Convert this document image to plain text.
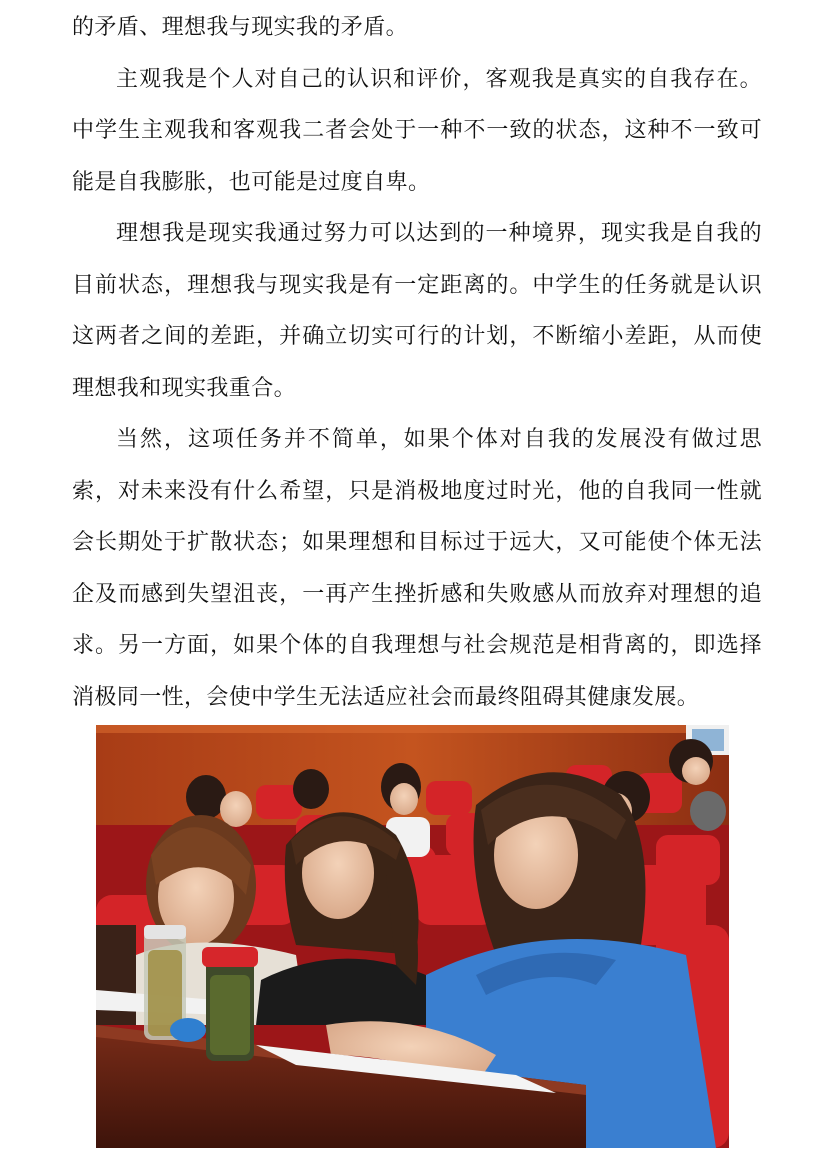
的矛盾、理想我与现实我的矛盾。

主观我是个人对自己的认识和评价，客观我是真实的自我存在。中学生主观我和客观我二者会处于一种不一致的状态，这种不一致可能是自我膨胀，也可能是过度自卑。

理想我是现实我通过努力可以达到的一种境界，现实我是自我的目前状态，理想我与现实我是有一定距离的。中学生的任务就是认识这两者之间的差距，并确立切实可行的计划，不断缩小差距，从而使理想我和现实我重合。

当然，这项任务并不简单，如果个体对自我的发展没有做过思索，对未来没有什么希望，只是消极地度过时光，他的自我同一性就会长期处于扩散状态；如果理想和目标过于远大，又可能使个体无法企及而感到失望沮丧，一再产生挫折感和失败感从而放弃对理想的追求。另一方面，如果个体的自我理想与社会规范是相背离的，即选择消极同一性，会使中学生无法适应社会而最终阻碍其健康发展。
